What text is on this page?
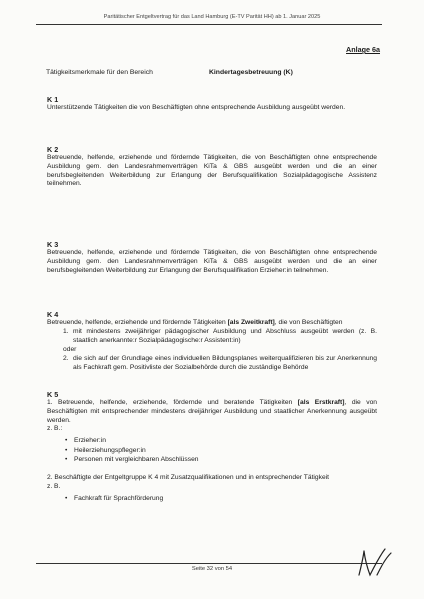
Paritätischer Entgeltvertrag für das Land Hamburg (E-TV Parität HH) ab 1. Januar 2025
Anlage 6a
Tätigkeitsmerkmale für den Bereich	Kindertagesbetreuung (K)
K 1
Unterstützende Tätigkeiten die von Beschäftigten ohne entsprechende Ausbildung ausgeübt werden.
K 2
Betreuende, helfende, erziehende und fördernde Tätigkeiten, die von Beschäftigten ohne entsprechende Ausbildung gem. den Landesrahmenverträgen KiTa & GBS ausgeübt werden und die an einer berufsbegleitenden Weiterbildung zur Erlangung der Berufsqualifikation Sozialpädagogische Assistenz teilnehmen.
K 3
Betreuende, helfende, erziehende und fördernde Tätigkeiten, die von Beschäftigten ohne entsprechende Ausbildung gem. den Landesrahmenverträgen KiTa & GBS ausgeübt werden und die an einer berufsbegleitenden Weiterbildung zur Erlangung der Berufsqualifikation Erzieher:in teilnehmen.
K 4
Betreuende, helfende, erziehende und fördernde Tätigkeiten [als Zweitkraft], die von Beschäftigten
1. mit mindestens zweijähriger pädagogischer Ausbildung und Abschluss ausgeübt werden (z. B. staatlich anerkannte:r Sozialpädagogische:r Assistent:in)
oder
2. die sich auf der Grundlage eines individuellen Bildungsplanes weiterqualifizieren bis zur Anerkennung als Fachkraft gem. Positivliste der Sozialbehörde durch die zuständige Behörde
K 5
1. Betreuende, helfende, erziehende, fördernde und beratende Tätigkeiten [als Erstkraft], die von Beschäftigten mit entsprechender mindestens dreijähriger Ausbildung und staatlicher Anerkennung ausgeübt werden.
z. B.:
• Erzieher:in
• Heilerziehungspfleger:in
• Personen mit vergleichbaren Abschlüssen
2. Beschäftigte der Entgeltgruppe K 4 mit Zusatzqualifikationen und in entsprechender Tätigkeit
z. B.
• Fachkraft für Sprachförderung
Seite 32 von 54
